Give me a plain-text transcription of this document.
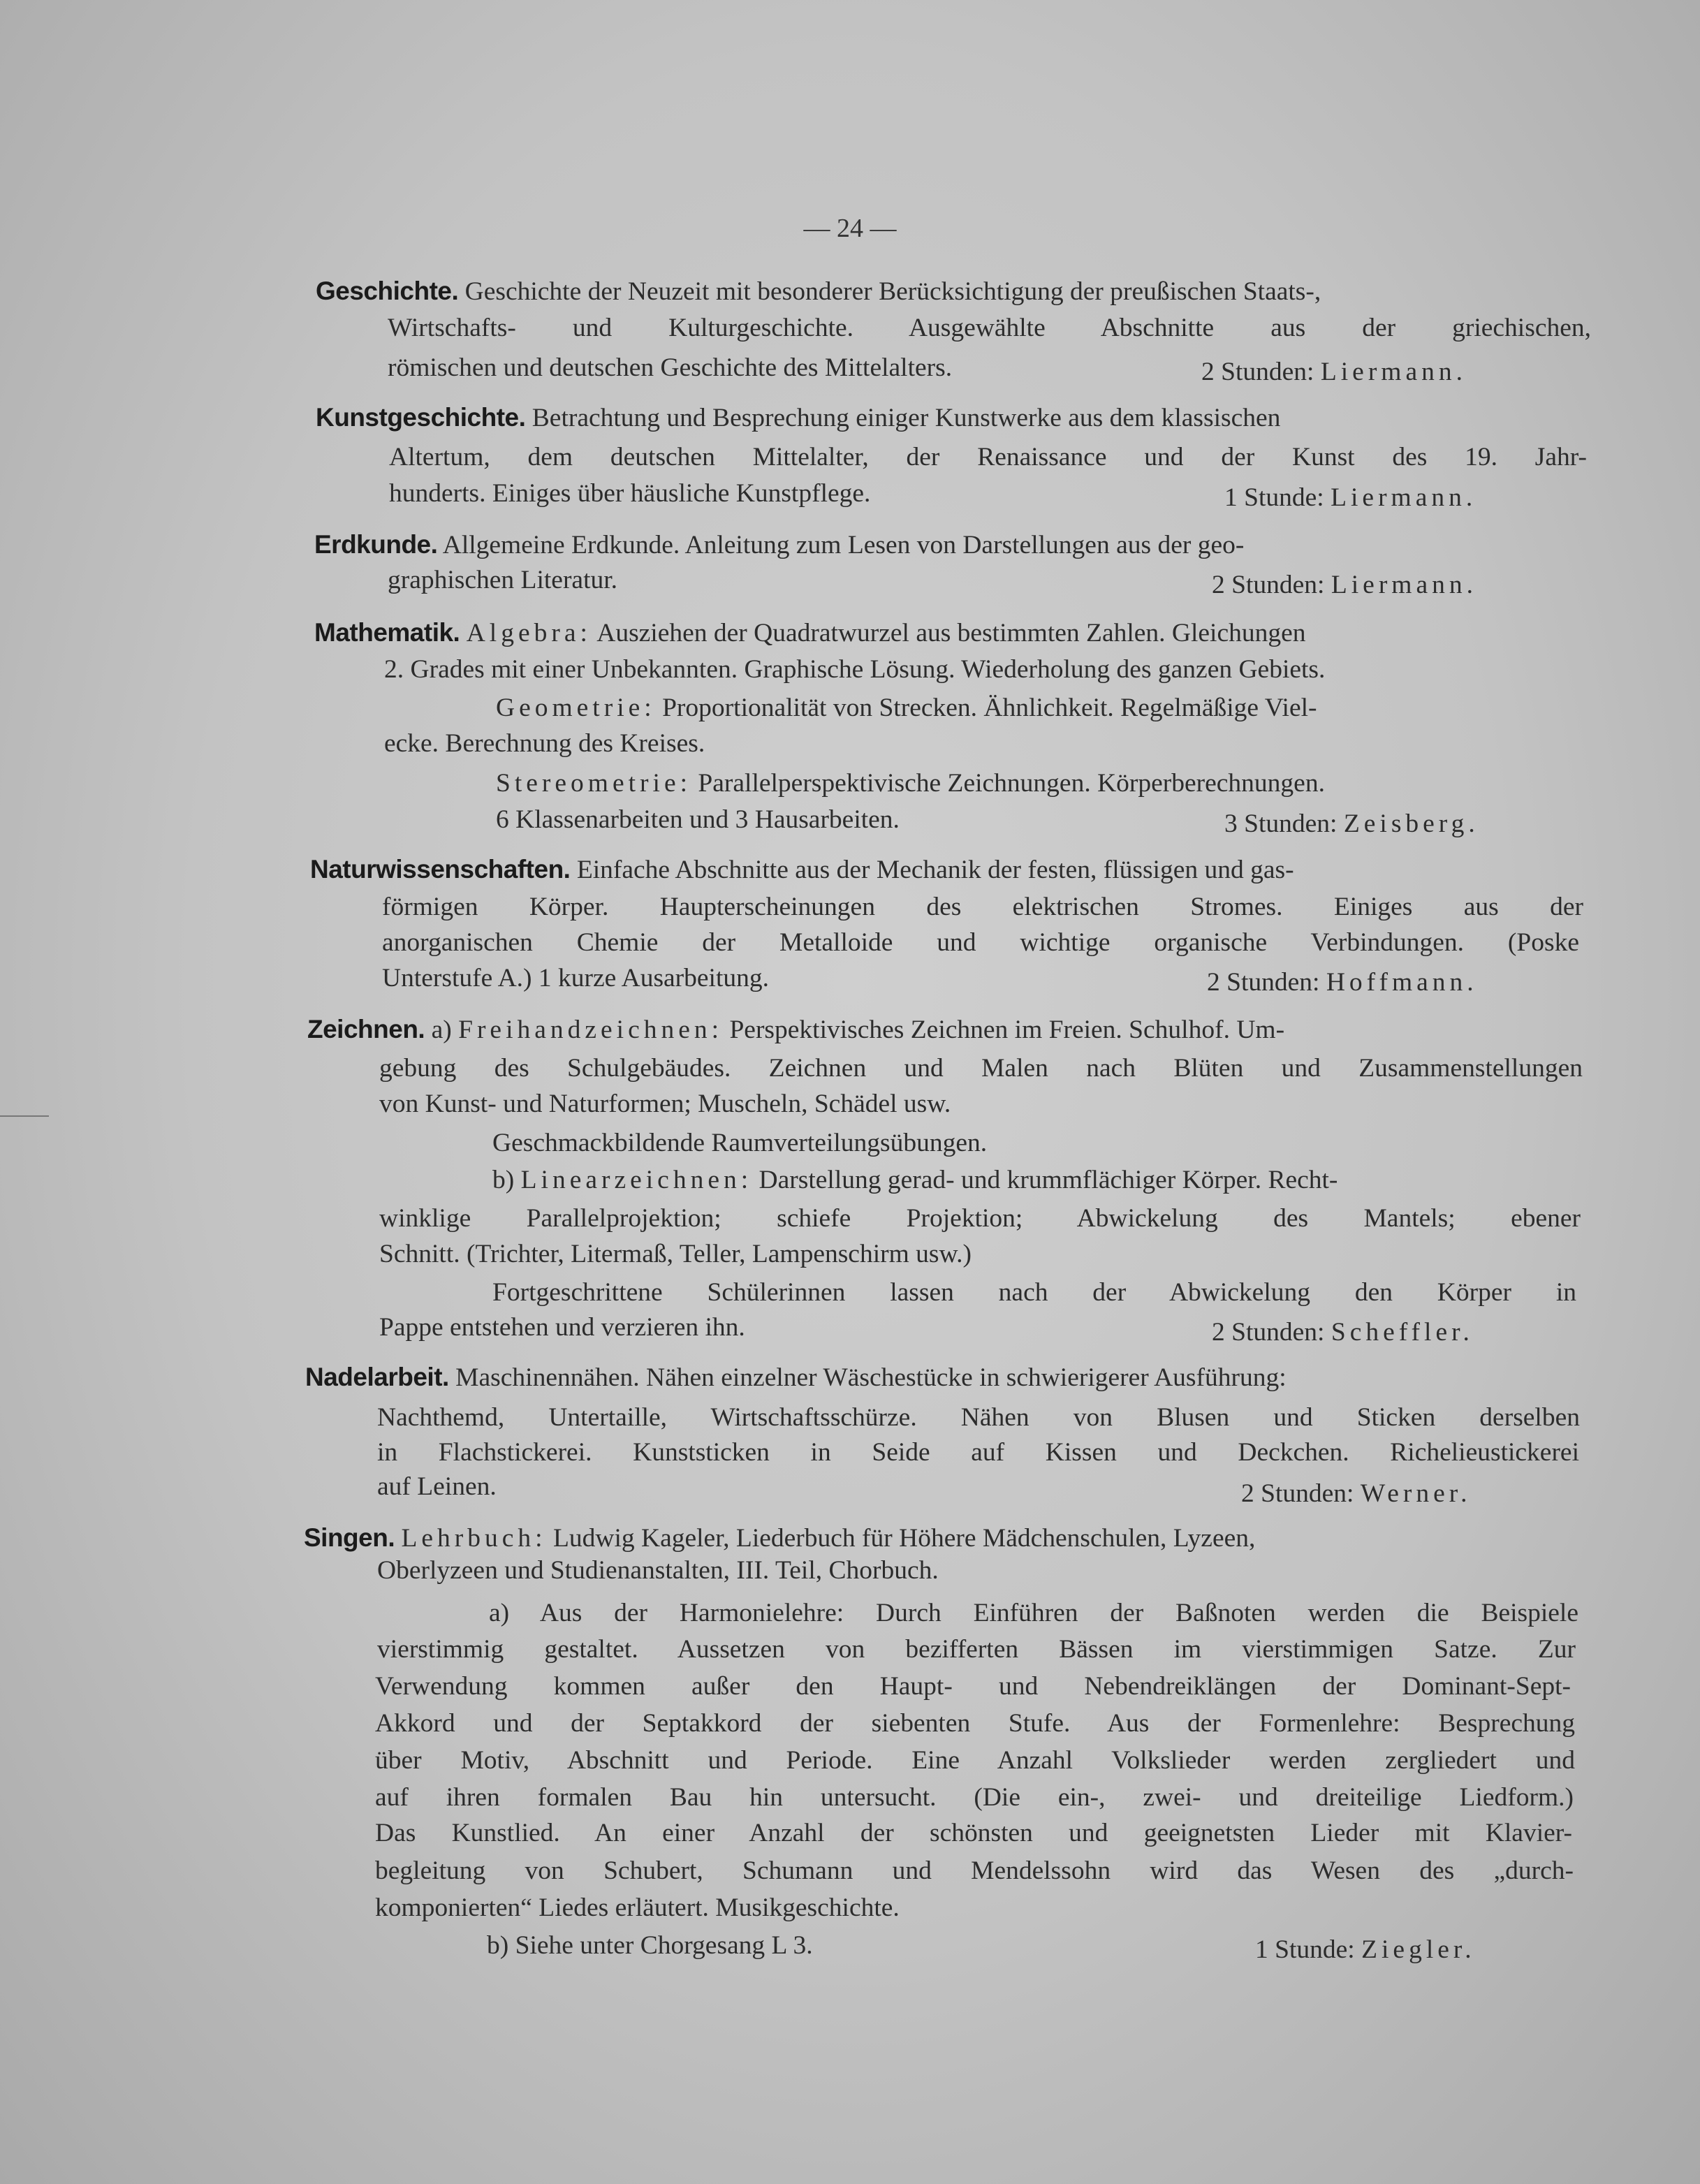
— 24 —
Geschichte. Geschichte der Neuzeit mit besonderer Berücksichtigung der preußischen Staats-,
Wirtschafts- und Kulturgeschichte. Ausgewählte Abschnitte aus der griechischen,
römischen und deutschen Geschichte des Mittelalters.	2 Stunden: Liermann.
Kunstgeschichte. Betrachtung und Besprechung einiger Kunstwerke aus dem klassischen
Altertum, dem deutschen Mittelalter, der Renaissance und der Kunst des 19. Jahr-
hunderts. Einiges über häusliche Kunstpflege.	1 Stunde: Liermann.
Erdkunde. Allgemeine Erdkunde. Anleitung zum Lesen von Darstellungen aus der geo-
graphischen Literatur.	2 Stunden: Liermann.
Mathematik. Algebra: Ausziehen der Quadratwurzel aus bestimmten Zahlen. Gleichungen
2. Grades mit einer Unbekannten. Graphische Lösung. Wiederholung des ganzen Gebiets.
Geometrie: Proportionalität von Strecken. Ähnlichkeit. Regelmäßige Viel-
ecke. Berechnung des Kreises.
Stereometrie: Parallelperspektivische Zeichnungen. Körperberechnungen.
6 Klassenarbeiten und 3 Hausarbeiten.	3 Stunden: Zeisberg.
Naturwissenschaften. Einfache Abschnitte aus der Mechanik der festen, flüssigen und gas-
förmigen Körper. Haupterscheinungen des elektrischen Stromes. Einiges aus der
anorganischen Chemie der Metalloide und wichtige organische Verbindungen. (Poske
Unterstufe A.) 1 kurze Ausarbeitung.	2 Stunden: Hoffmann.
Zeichnen. a) Freihandzeichnen: Perspektivisches Zeichnen im Freien. Schulhof. Um-
gebung des Schulgebäudes. Zeichnen und Malen nach Blüten und Zusammenstellungen
von Kunst- und Naturformen; Muscheln, Schädel usw.
Geschmackbildende Raumverteilungsübungen.
b) Linearzeichnen: Darstellung gerad- und krummflächiger Körper. Recht-
winklige Parallelprojektion; schiefe Projektion; Abwickelung des Mantels; ebener
Schnitt. (Trichter, Litermaß, Teller, Lampenschirm usw.)
Fortgeschrittene Schülerinnen lassen nach der Abwickelung den Körper in
Pappe entstehen und verzieren ihn.	2 Stunden: Scheffler.
Nadelarbeit. Maschinennähen. Nähen einzelner Wäschestücke in schwierigerer Ausführung:
Nachthemd, Untertaille, Wirtschaftsschürze. Nähen von Blusen und Sticken derselben
in Flachstickerei. Kunststicken in Seide auf Kissen und Deckchen. Richelieustickerei
auf Leinen.	2 Stunden: Werner.
Singen. Lehrbuch: Ludwig Kageler, Liederbuch für Höhere Mädchenschulen, Lyzeen,
Oberlyzeen und Studienanstalten, III. Teil, Chorbuch.
a) Aus der Harmonielehre: Durch Einführen der Baßnoten werden die Beispiele
vierstimmig gestaltet. Aussetzen von bezifferten Bässen im vierstimmigen Satze. Zur
Verwendung kommen außer den Haupt- und Nebendreiklängen der Dominant-Sept-
Akkord und der Septakkord der siebenten Stufe. Aus der Formenlehre: Besprechung
über Motiv, Abschnitt und Periode. Eine Anzahl Volkslieder werden zergliedert und
auf ihren formalen Bau hin untersucht. (Die ein-, zwei- und dreiteilige Liedform.)
Das Kunstlied. An einer Anzahl der schönsten und geeignetsten Lieder mit Klavier-
begleitung von Schubert, Schumann und Mendelssohn wird das Wesen des „durch-
komponierten“ Liedes erläutert. Musikgeschichte.
b) Siehe unter Chorgesang L 3.	1 Stunde: Ziegler.
